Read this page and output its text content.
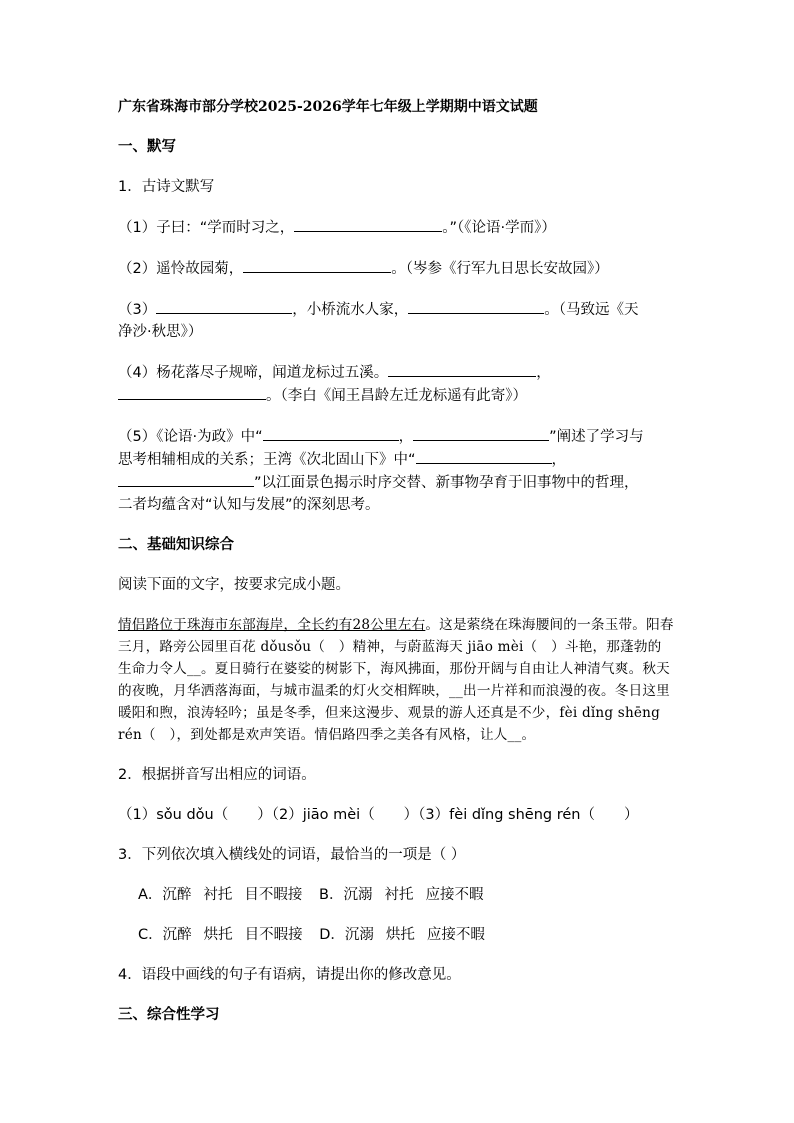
广东省珠海市部分学校2025-2026学年七年级上学期期中语文试题
一、默写
1．古诗文默写
（1）子曰：“学而时习之，	。”（《论语·学而》）
（2）遥怜故园菊，	。（岑参《行军九日思长安故园》）
（3）	，小桥流水人家，	。（马致远《天
净沙·秋思》）
（4）杨花落尽子规啼，闻道龙标过五溪。	，
。（李白《闻王昌龄左迁龙标遥有此寄》）
（5）《论语·为政》中“	，	”阐述了学习与
思考相辅相成的关系；王湾《次北固山下》中“	，
”以江面景色揭示时序交替、新事物孕育于旧事物中的哲理，
二者均蕴含对“认知与发展”的深刻思考。
二、基础知识综合
阅读下面的文字，按要求完成小题。
情侣路位于珠海市东部海岸，全长约有28公里左右。这是萦绕在珠海腰间的一条玉带。阳春三月，路旁公园里百花 dǒusǒu（　）精神，与蔚蓝海天 jiāo mèi（　）斗艳，那蓬勃的生命力令人__。夏日骑行在婆娑的树影下，海风拂面，那份开阔与自由让人神清气爽。秋天的夜晚，月华洒落海面，与城市温柔的灯火交相辉映，__出一片祥和而浪漫的夜。冬日这里暖阳和煦，浪涛轻吟；虽是冬季，但来这漫步、观景的游人还真是不少，fèi dǐng shēng rén（　），到处都是欢声笑语。情侣路四季之美各有风格，让人__。
2．根据拼音写出相应的词语。
（1）sǒu dǒu（　　）（2）jiāo mèi（　　）（3）fèi dǐng shēng rén（　　）
3．下列依次填入横线处的词语，最恰当的一项是（ ）
A．沉醉 衬托 目不暇接 B．沉溺 衬托 应接不暇
C．沉醉 烘托 目不暇接 D．沉溺 烘托 应接不暇
4．语段中画线的句子有语病，请提出你的修改意见。
三、综合性学习
